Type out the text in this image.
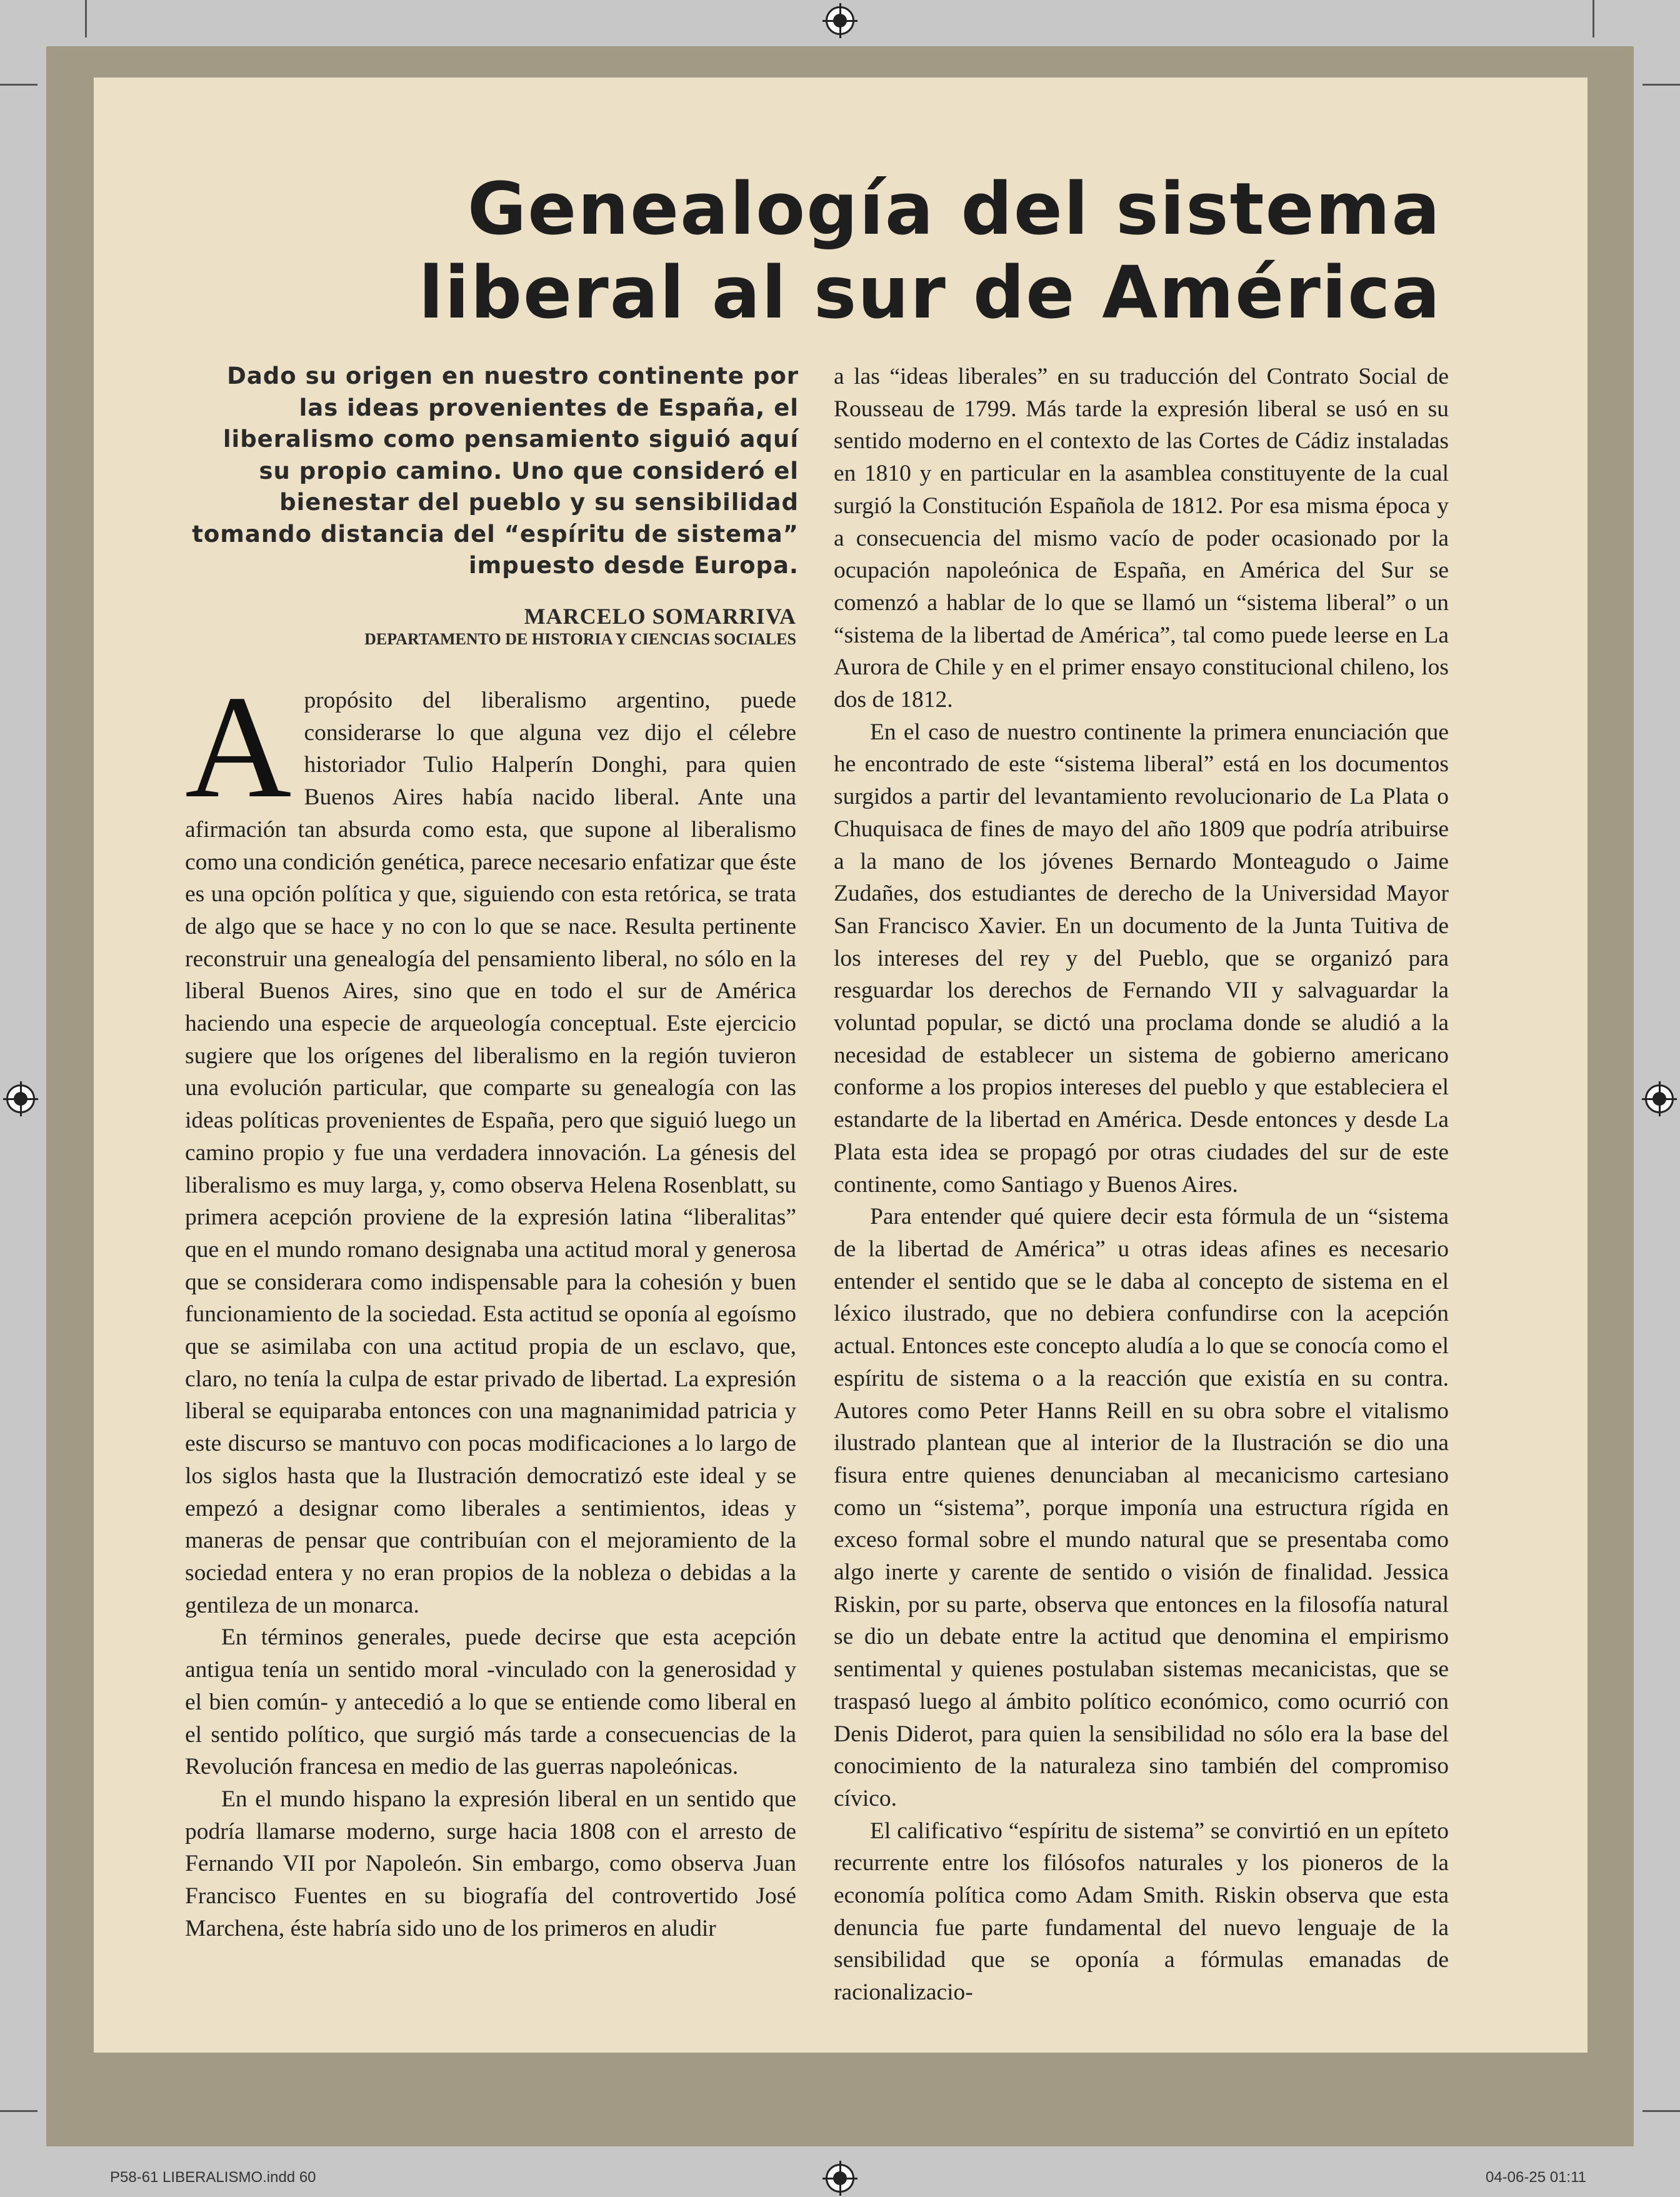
Genealogía del sistema
liberal al sur de América
Dado su origen en nuestro continente por las ideas provenientes de España, el liberalismo como pensamiento siguió aquí su propio camino. Uno que consideró el bienestar del pueblo y su sensibilidad tomando distancia del “espíritu de sistema” impuesto desde Europa.
MARCELO SOMARRIVA
DEPARTAMENTO DE HISTORIA Y CIENCIAS SOCIALES

Apropósito del liberalismo argentino, puede considerarse lo que alguna vez dijo el célebre historiador Tulio Halperín Donghi, para quien Buenos Aires había nacido liberal. Ante una afirmación tan absurda como esta, que supone al liberalismo como una condición genética, parece necesario enfatizar que éste es una opción política y que, siguiendo con esta retórica, se trata de algo que se hace y no con lo que se nace. Resulta pertinente reconstruir una genealogía del pensamiento liberal, no sólo en la liberal Buenos Aires, sino que en todo el sur de América haciendo una especie de arqueología conceptual. Este ejercicio sugiere que los orígenes del liberalismo en la región tuvieron una evolución particular, que comparte su genealogía con las ideas políticas provenientes de España, pero que siguió luego un camino propio y fue una verdadera innovación. La génesis del liberalismo es muy larga, y, como observa Helena Rosenblatt, su primera acepción proviene de la expresión latina “liberalitas” que en el mundo romano designaba una actitud moral y generosa que se considerara como indispensable para la cohesión y buen funcionamiento de la sociedad. Esta actitud se oponía al egoísmo que se asimilaba con una actitud propia de un esclavo, que, claro, no tenía la culpa de estar privado de libertad. La expresión liberal se equiparaba entonces con una magnanimidad patricia y este discurso se mantuvo con pocas modificaciones a lo largo de los siglos hasta que la Ilustración democratizó este ideal y se empezó a designar como liberales a sentimientos, ideas y maneras de pensar que contribuían con el mejoramiento de la sociedad entera y no eran propios de la nobleza o debidas a la gentileza de un monarca.

En términos generales, puede decirse que esta acepción antigua tenía un sentido moral -vinculado con la generosidad y el bien común- y antecedió a lo que se entiende como liberal en el sentido político, que surgió más tarde a consecuencias de la Revolución francesa en medio de las guerras napoleónicas.

En el mundo hispano la expresión liberal en un sentido que podría llamarse moderno, surge hacia 1808 con el arresto de Fernando VII por Napoleón. Sin embargo, como observa Juan Francisco Fuentes en su biografía del controvertido José Marchena, éste habría sido uno de los primeros en aludir

a las “ideas liberales” en su traducción del Contrato Social de Rousseau de 1799. Más tarde la expresión liberal se usó en su sentido moderno en el contexto de las Cortes de Cádiz instaladas en 1810 y en particular en la asamblea constituyente de la cual surgió la Constitución Española de 1812. Por esa misma época y a consecuencia del mismo vacío de poder ocasionado por la ocupación napoleónica de España, en América del Sur se comenzó a hablar de lo que se llamó un “sistema liberal” o un “sistema de la libertad de América”, tal como puede leerse en La Aurora de Chile y en el primer ensayo constitucional chileno, los dos de 1812.

En el caso de nuestro continente la primera enunciación que he encontrado de este “sistema liberal” está en los documentos surgidos a partir del levantamiento revolucionario de La Plata o Chuquisaca de fines de mayo del año 1809 que podría atribuirse a la mano de los jóvenes Bernardo Monteagudo o Jaime Zudañes, dos estudiantes de derecho de la Universidad Mayor San Francisco Xavier. En un documento de la Junta Tuitiva de los intereses del rey y del Pueblo, que se organizó para resguardar los derechos de Fernando VII y salvaguardar la voluntad popular, se dictó una proclama donde se aludió a la necesidad de establecer un sistema de gobierno americano conforme a los propios intereses del pueblo y que estableciera el estandarte de la libertad en América. Desde entonces y desde La Plata esta idea se propagó por otras ciudades del sur de este continente, como Santiago y Buenos Aires.

Para entender qué quiere decir esta fórmula de un “sistema de la libertad de América” u otras ideas afines es necesario entender el sentido que se le daba al concepto de sistema en el léxico ilustrado, que no debiera confundirse con la acepción actual. Entonces este concepto aludía a lo que se conocía como el espíritu de sistema o a la reacción que existía en su contra. Autores como Peter Hanns Reill en su obra sobre el vitalismo ilustrado plantean que al interior de la Ilustración se dio una fisura entre quienes denunciaban al mecanicismo cartesiano como un “sistema”, porque imponía una estructura rígida en exceso formal sobre el mundo natural que se presentaba como algo inerte y carente de sentido o visión de finalidad. Jessica Riskin, por su parte, observa que entonces en la filosofía natural se dio un debate entre la actitud que denomina el empirismo sentimental y quienes postulaban sistemas mecanicistas, que se traspasó luego al ámbito político económico, como ocurrió con Denis Diderot, para quien la sensibilidad no sólo era la base del conocimiento de la naturaleza sino también del compromiso cívico.

El calificativo “espíritu de sistema” se convirtió en un epíteto recurrente entre los filósofos naturales y los pioneros de la economía política como Adam Smith. Riskin observa que esta denuncia fue parte fundamental del nuevo lenguaje de la sensibilidad que se oponía a fórmulas emanadas de racionalizacio-

P58-61 LIBERALISMO.indd 60	04-06-25 01:11
